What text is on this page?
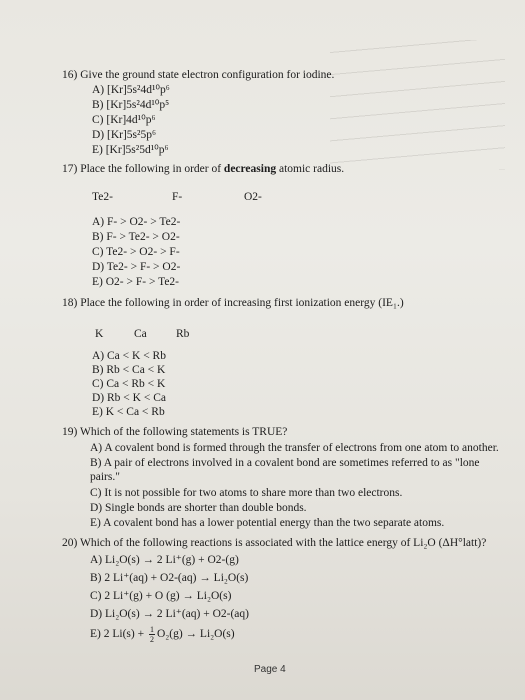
16) Give the ground state electron configuration for iodine.
A) [Kr]5s²4d¹⁰p⁶
B) [Kr]5s²4d¹⁰p⁵
C) [Kr]4d¹⁰p⁶
D) [Kr]5s²5p⁶
E) [Kr]5s²5d¹⁰p⁶
17) Place the following in order of decreasing atomic radius.
Te2-	F-	O2-
A) F- > O2- > Te2-
B) F- > Te2- > O2-
C) Te2- > O2- > F-
D) Te2- > F- > O2-
E) O2- > F- > Te2-
18) Place the following in order of increasing first ionization energy (IE₁.)
K	Ca	Rb
A) Ca < K < Rb
B) Rb < Ca < K
C) Ca < Rb < K
D) Rb < K < Ca
E) K < Ca < Rb
19) Which of the following statements is TRUE?
A) A covalent bond is formed through the transfer of electrons from one atom to another.
B) A pair of electrons involved in a covalent bond are sometimes referred to as "lone pairs."
C) It is not possible for two atoms to share more than two electrons.
D) Single bonds are shorter than double bonds.
E) A covalent bond has a lower potential energy than the two separate atoms.
20) Which of the following reactions is associated with the lattice energy of Li₂O (ΔH°latt)?
A) Li₂O(s) → 2 Li⁺(g) + O2-(g)
B) 2 Li⁺(aq) + O2-(aq) → Li₂O(s)
C) 2 Li⁺(g) + O (g) → Li₂O(s)
D) Li₂O(s) → 2 Li⁺(aq) + O2-(aq)
E) 2 $Li(s) + \frac{1}{2} O_2(g) \to Li_2O(s)$
Page 4
